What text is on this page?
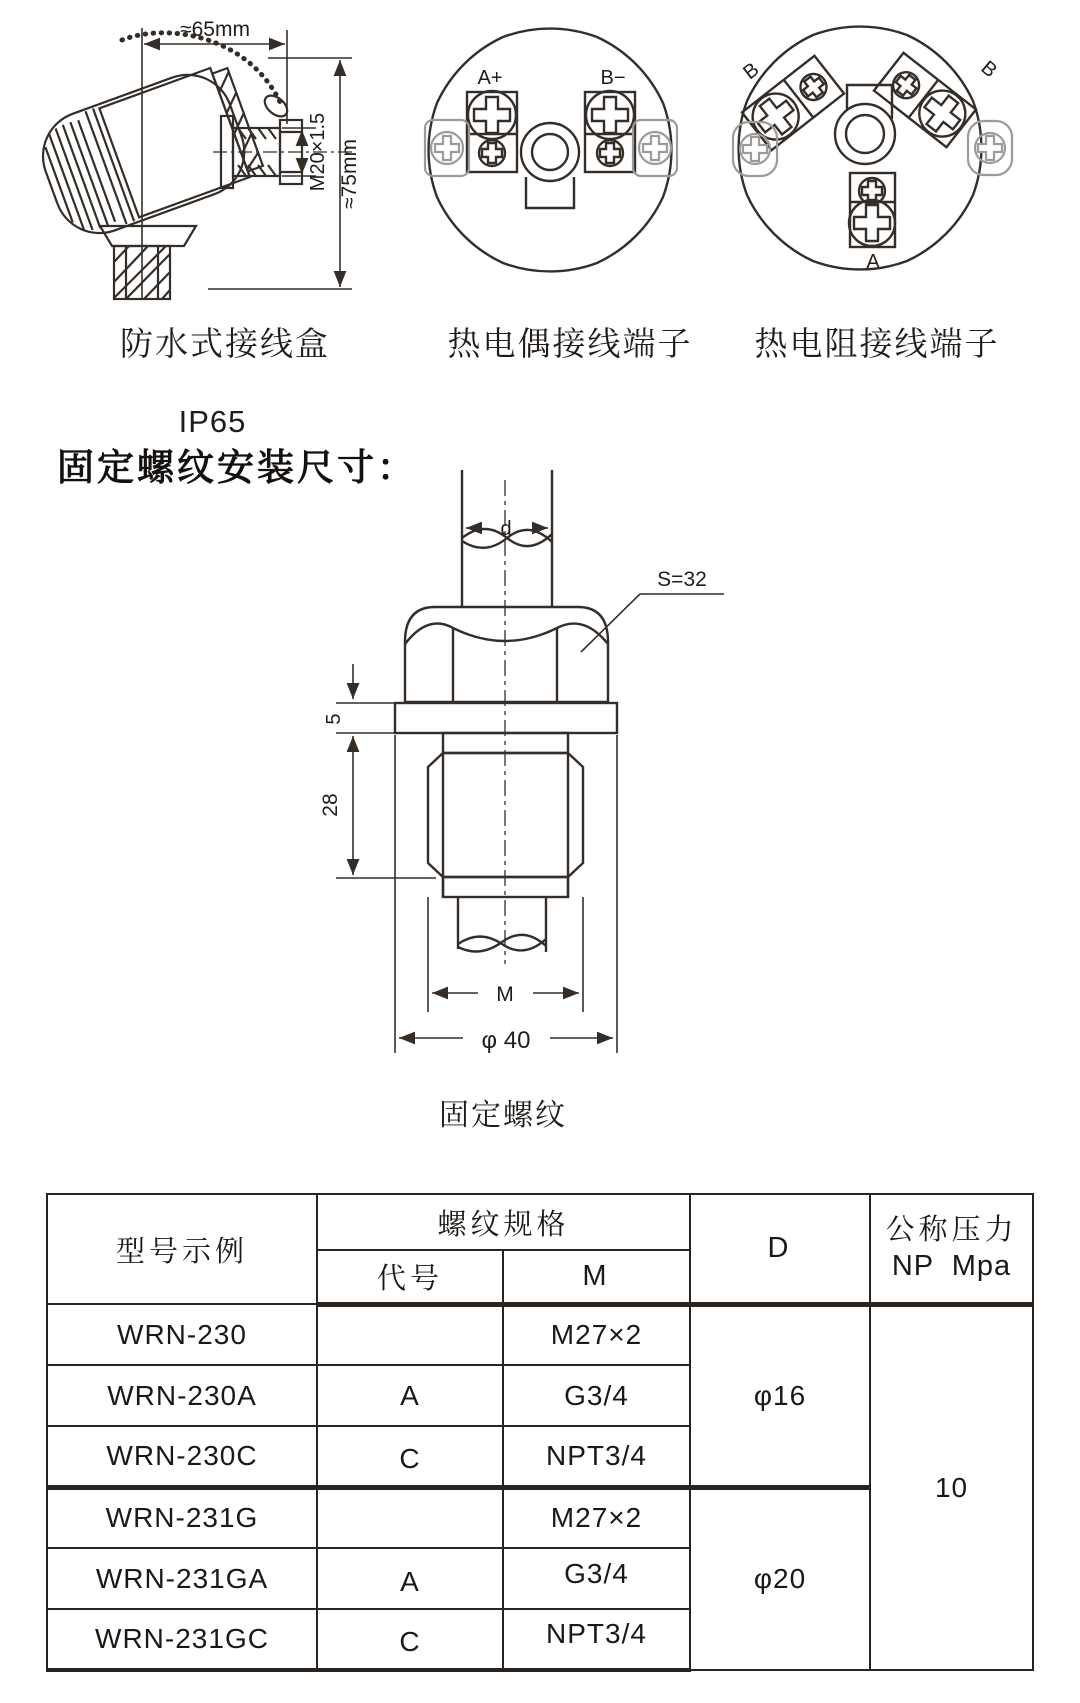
≈65mm
M20×1.5 ≈75mm
防水式接线盒
IP65
A+	B−
热电偶接线端子
B	B
A
热电阻接线端子
固定螺纹安装尺寸：
d
S=32
5
28
M
φ 40
固定螺纹
型号示例	螺纹规格		D	公称压力
NP  Mpa

	代号	M		
WRN-230		M27×2	φ16	10
WRN-230A	A	G3/4		
WRN-230C	C	NPT3/4		
WRN-231G		M27×2	φ20	
WRN-231GA	A	G3/4		
WRN-231GC	C	NPT3/4		
